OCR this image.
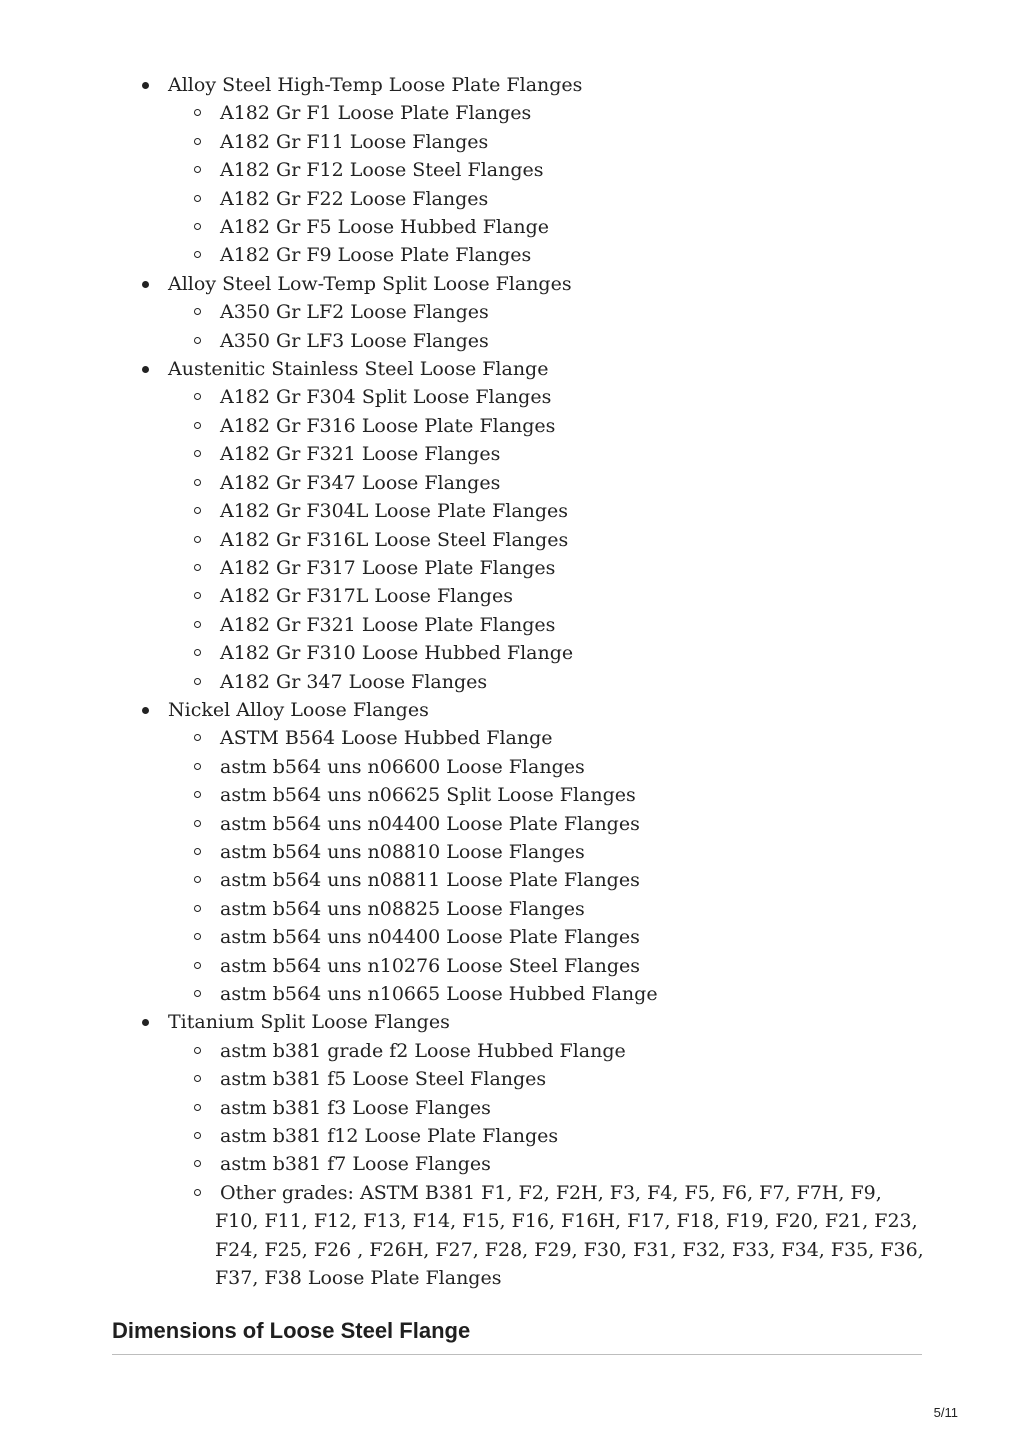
Alloy Steel High-Temp Loose Plate Flanges
A182 Gr F1 Loose Plate Flanges
A182 Gr F11 Loose Flanges
A182 Gr F12 Loose Steel Flanges
A182 Gr F22 Loose Flanges
A182 Gr F5 Loose Hubbed Flange
A182 Gr F9 Loose Plate Flanges
Alloy Steel Low-Temp Split Loose Flanges
A350 Gr LF2 Loose Flanges
A350 Gr LF3 Loose Flanges
Austenitic Stainless Steel Loose Flange
A182 Gr F304 Split Loose Flanges
A182 Gr F316 Loose Plate Flanges
A182 Gr F321 Loose Flanges
A182 Gr F347 Loose Flanges
A182 Gr F304L Loose Plate Flanges
A182 Gr F316L Loose Steel Flanges
A182 Gr F317 Loose Plate Flanges
A182 Gr F317L Loose Flanges
A182 Gr F321 Loose Plate Flanges
A182 Gr F310 Loose Hubbed Flange
A182 Gr 347 Loose Flanges
Nickel Alloy Loose Flanges
ASTM B564 Loose Hubbed Flange
astm b564 uns n06600 Loose Flanges
astm b564 uns n06625 Split Loose Flanges
astm b564 uns n04400 Loose Plate Flanges
astm b564 uns n08810 Loose Flanges
astm b564 uns n08811 Loose Plate Flanges
astm b564 uns n08825 Loose Flanges
astm b564 uns n04400 Loose Plate Flanges
astm b564 uns n10276 Loose Steel Flanges
astm b564 uns n10665 Loose Hubbed Flange
Titanium Split Loose Flanges
astm b381 grade f2 Loose Hubbed Flange
astm b381 f5 Loose Steel Flanges
astm b381 f3 Loose Flanges
astm b381 f12 Loose Plate Flanges
astm b381 f7 Loose Flanges
Other grades: ASTM B381 F1, F2, F2H, F3, F4, F5, F6, F7, F7H, F9, F10, F11, F12, F13, F14, F15, F16, F16H, F17, F18, F19, F20, F21, F23, F24, F25, F26 , F26H, F27, F28, F29, F30, F31, F32, F33, F34, F35, F36, F37, F38 Loose Plate Flanges
Dimensions of Loose Steel Flange
5/11
